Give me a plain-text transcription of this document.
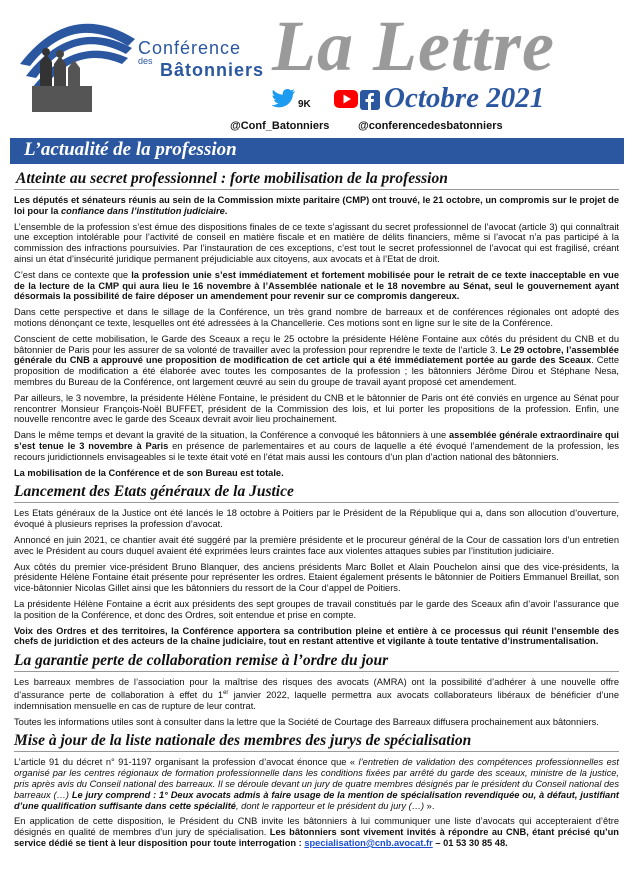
Conférence
des Bâtonniers La Lettre
9K	Octobre 2021
@Conf_Batonniers	@conferencedesbatonniers
L’actualité de la profession
Atteinte au secret professionnel : forte mobilisation de la profession

Les députés et sénateurs réunis au sein de la Commission mixte paritaire (CMP) ont trouvé, le 21 octobre, un compromis sur le projet de loi pour la confiance dans l’institution judiciaire.

L’ensemble de la profession s’est émue des dispositions finales de ce texte s’agissant du secret professionnel de l’avocat (article 3) qui connaîtrait une exception intolérable pour l’activité de conseil en matière fiscale et en matière de délits financiers, même si l’avocat n’a pas participé à la commission des infractions poursuivies. Par l’instauration de ces exceptions, c’est tout le secret professionnel de l’avocat qui est fragilisé, créant ainsi un état d’insécurité juridique permanent préjudiciable aux citoyens, aux avocats et à l’Etat de droit.

C’est dans ce contexte que la profession unie s’est immédiatement et fortement mobilisée pour le retrait de ce texte inacceptable en vue de la lecture de la CMP qui aura lieu le 16 novembre à l’Assemblée nationale et le 18 novembre au Sénat, seul le gouvernement ayant désormais la possibilité de faire déposer un amendement pour revenir sur ce compromis dangereux.

Dans cette perspective et dans le sillage de la Conférence, un très grand nombre de barreaux et de conférences régionales ont adopté des motions dénonçant ce texte, lesquelles ont été adressées à la Chancellerie. Ces motions sont en ligne sur le site de la Conférence.

Conscient de cette mobilisation, le Garde des Sceaux a reçu le 25 octobre la présidente Hélène Fontaine aux côtés du président du CNB et du bâtonnier de Paris pour les assurer de sa volonté de travailler avec la profession pour reprendre le texte de l’article 3. Le 29 octobre, l’assemblée générale du CNB a approuvé une proposition de modification de cet article qui a été immédiatement portée au garde des Sceaux. Cette proposition de modification a été élaborée avec toutes les composantes de la profession ; les bâtonniers Jérôme Dirou et Stéphane Nesa, membres du Bureau de la Conférence, ont largement œuvré au sein du groupe de travail ayant proposé cet amendement.

Par ailleurs, le 3 novembre, la présidente Hélène Fontaine, le président du CNB et le bâtonnier de Paris ont été conviés en urgence au Sénat pour rencontrer Monsieur François-Noël BUFFET, président de la Commission des lois, et lui porter les propositions de la profession. Enfin, une nouvelle rencontre avec le garde des Sceaux devrait avoir lieu prochainement.

Dans le même temps et devant la gravité de la situation, la Conférence a convoqué les bâtonniers à une assemblée générale extraordinaire qui s’est tenue le 3 novembre à Paris en présence de parlementaires et au cours de laquelle a été évoqué l’amendement de la profession, les recours juridictionnels envisageables si le texte était voté en l’état mais aussi les contours d’un plan d’action national des bâtonniers.

La mobilisation de la Conférence et de son Bureau est totale.

Lancement des Etats généraux de la Justice

Les Etats généraux de la Justice ont été lancés le 18 octobre à Poitiers par le Président de la République qui a, dans son allocution d’ouverture, évoqué à plusieurs reprises la profession d’avocat.

Annoncé en juin 2021, ce chantier avait été suggéré par la première présidente et le procureur général de la Cour de cassation lors d’un entretien avec le Président au cours duquel avaient été exprimées leurs craintes face aux violentes attaques subies par l’institution judiciaire.

Aux côtés du premier vice-président Bruno Blanquer, des anciens présidents Marc Bollet et Alain Pouchelon ainsi que des vice-présidents, la présidente Hélène Fontaine était présente pour représenter les ordres. Etaient également présents le bâtonnier de Poitiers Emmanuel Breillat, son vice-bâtonnier Nicolas Gillet ainsi que les bâtonniers du ressort de la Cour d’appel de Poitiers.

La présidente Hélène Fontaine a écrit aux présidents des sept groupes de travail constitués par le garde des Sceaux afin d’avoir l’assurance que la position de la Conférence, et donc des Ordres, soit entendue et prise en compte.

Voix des Ordres et des territoires, la Conférence apportera sa contribution pleine et entière à ce processus qui réunit l’ensemble des chefs de juridiction et des acteurs de la chaîne judiciaire, tout en restant attentive et vigilante à toute tentative d’instrumentalisation.

La garantie perte de collaboration remise à l’ordre du jour

Les barreaux membres de l’association pour la maîtrise des risques des avocats (AMRA) ont la possibilité d’adhérer à une nouvelle offre d’assurance perte de collaboration à effet du 1er janvier 2022, laquelle permettra aux avocats collaborateurs libéraux de bénéficier d’une indemnisation mensuelle en cas de rupture de leur contrat.

Toutes les informations utiles sont à consulter dans la lettre que la Société de Courtage des Barreaux diffusera prochainement aux bâtonniers.

Mise à jour de la liste nationale des membres des jurys de spécialisation

L’article 91 du décret n° 91-1197 organisant la profession d’avocat énonce que « l’entretien de validation des compétences professionnelles est organisé par les centres régionaux de formation professionnelle dans les conditions fixées par arrêté du garde des sceaux, ministre de la justice, pris après avis du Conseil national des barreaux. Il se déroule devant un jury de quatre membres désignés par le président du Conseil national des barreaux (…) Le jury comprend : 1° Deux avocats admis à faire usage de la mention de spécialisation revendiquée ou, à défaut, justifiant d’une qualification suffisante dans cette spécialité, dont le rapporteur et le président du jury (…) ».

En application de cette disposition, le Président du CNB invite les bâtonniers à lui communiquer une liste d’avocats qui accepteraient d’être désignés en qualité de membres d’un jury de spécialisation. Les bâtonniers sont vivement invités à répondre au CNB, étant précisé qu’un service dédié se tient à leur disposition pour toute interrogation : specialisation@cnb.avocat.fr – 01 53 30 85 48.
